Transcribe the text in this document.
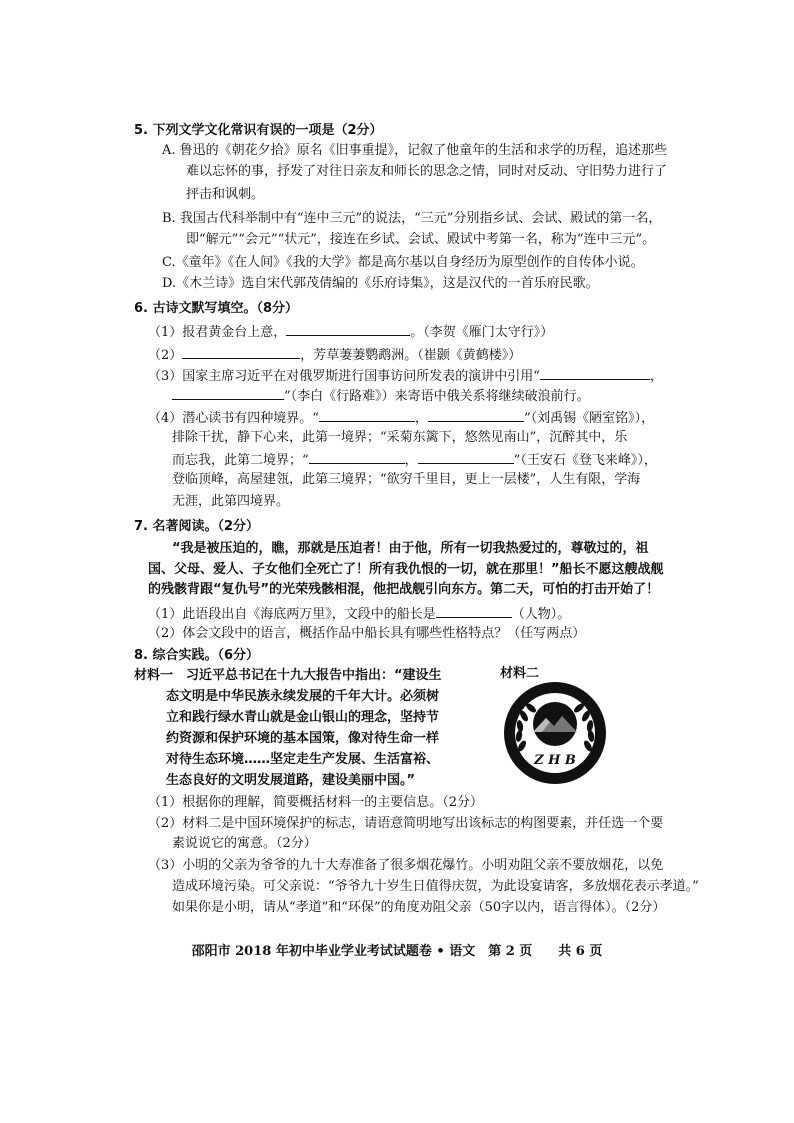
5. 下列文学文化常识有误的一项是（2分）
A. 鲁迅的《朝花夕拾》原名《旧事重提》，记叙了他童年的生活和求学的历程，追述那些
难以忘怀的事，抒发了对往日亲友和师长的思念之情，同时对反动、守旧势力进行了
抨击和讽刺。
B. 我国古代科举制中有“连中三元”的说法，“三元”分别指乡试、会试、殿试的第一名，
即“解元”“会元”“状元”，接连在乡试、会试、殿试中考第一名，称为“连中三元”。
C.《童年》《在人间》《我的大学》都是高尔基以自身经历为原型创作的自传体小说。
D.《木兰诗》选自宋代郭茂倩编的《乐府诗集》，这是汉代的一首乐府民歌。
6. 古诗文默写填空。（8分）
（1）报君黄金台上意，	。（李贺《雁门太守行》）
（2）	，芳草萋萋鹦鹉洲。（崔颢《黄鹤楼》）
（3）国家主席习近平在对俄罗斯进行国事访问所发表的演讲中引用“	，
”（李白《行路难》）来寄语中俄关系将继续破浪前行。
（4）潜心读书有四种境界。“	，	”（刘禹锡《陋室铭》），
排除干扰，静下心来，此第一境界；“采菊东篱下，悠然见南山”，沉醉其中，乐
而忘我，此第二境界；“	，	”（王安石《登飞来峰》），
登临顶峰，高屋建瓴，此第三境界；“欲穷千里目，更上一层楼”，人生有限，学海
无涯，此第四境界。
7. 名著阅读。（2分）
“我是被压迫的，瞧，那就是压迫者！由于他，所有一切我热爱过的，尊敬过的，祖
国、父母、爱人、子女他们全死亡了！所有我仇恨的一切，就在那里！”船长不愿这艘战舰
的残骸背跟“复仇号”的光荣残骸相混，他把战舰引向东方。第二天，可怕的打击开始了！
（1）此语段出自《海底两万里》，文段中的船长是	（人物）。
（2）体会文段中的语言，概括作品中船长具有哪些性格特点？（任写两点）
8. 综合实践。（6分）
材料一　习近平总书记在十九大报告中指出：“建设生
态文明是中华民族永续发展的千年大计。必须树
立和践行绿水青山就是金山银山的理念，坚持节
约资源和保护环境的基本国策，像对待生命一样
对待生态环境……坚定走生产发展、生活富裕、
生态良好的文明发展道路，建设美丽中国。”
材料二
Z H B
（1）根据你的理解，简要概括材料一的主要信息。（2分）
（2）材料二是中国环境保护的标志，请语意简明地写出该标志的构图要素，并任选一个要
素说说它的寓意。（2分）
（3）小明的父亲为爷爷的九十大寿准备了很多烟花爆竹。小明劝阻父亲不要放烟花，以免
造成环境污染。可父亲说：“爷爷九十岁生日值得庆贺，为此设宴请客，多放烟花表示孝道。”
如果你是小明，请从“孝道”和“环保”的角度劝阻父亲（50字以内，语言得体）。（2分）
邵阳市 2018 年初中毕业学业考试试题卷 • 语文　第 2 页　　共 6 页
